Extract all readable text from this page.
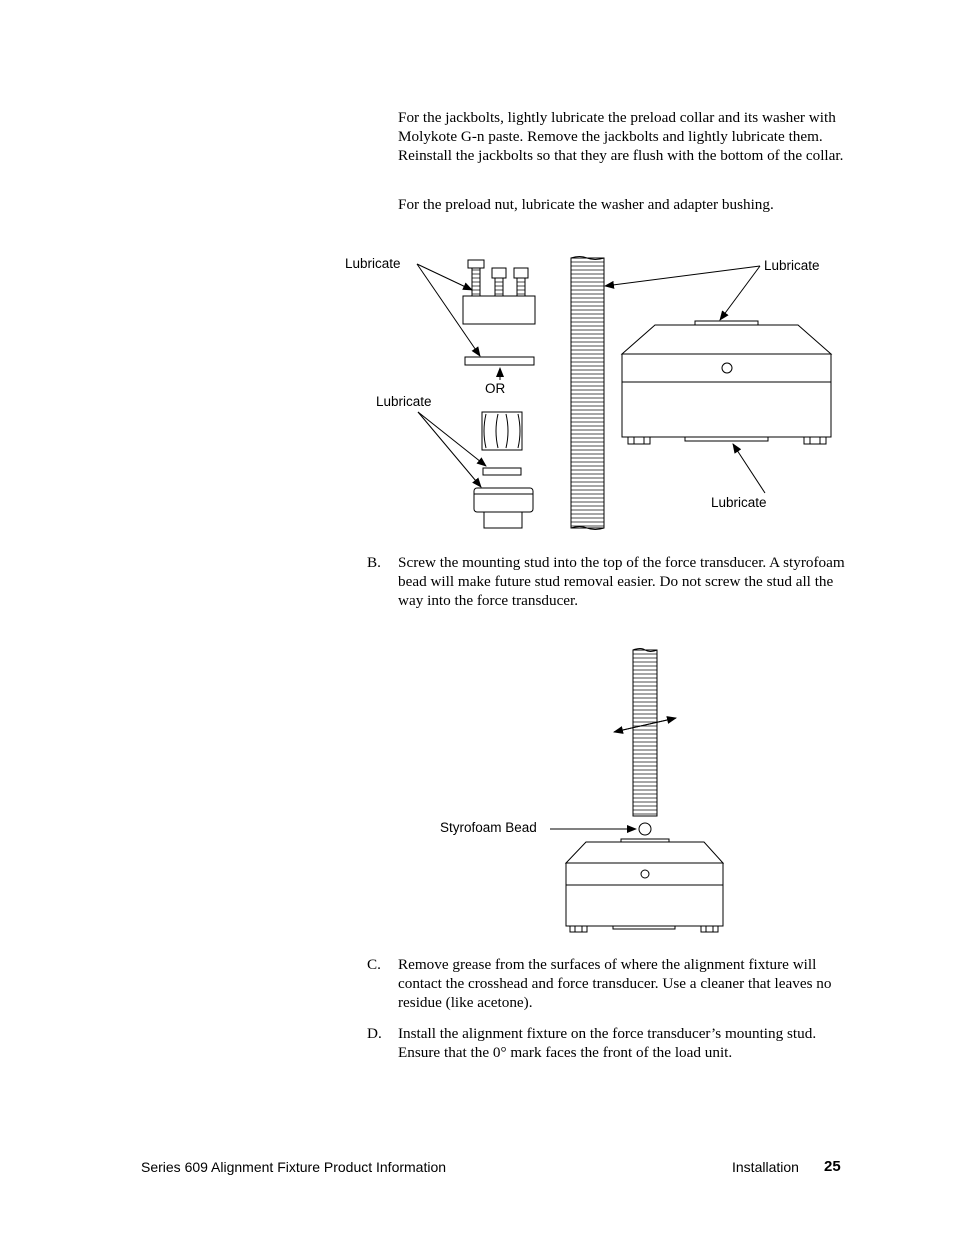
For the jackbolts, lightly lubricate the preload collar and its washer with Molykote G-n paste. Remove the jackbolts and lightly lubricate them. Reinstall the jackbolts so that they are flush with the bottom of the collar.

For the preload nut, lubricate the washer and adapter bushing.

Lubricate
OR
Lubricate
Lubricate
Lubricate
B. Screw the mounting stud into the top of the force transducer. A styrofoam bead will make future stud removal easier. Do not screw the stud all the way into the force transducer.

Styrofoam Bead
C. Remove grease from the surfaces of where the alignment fixture will contact the crosshead and force transducer. Use a cleaner that leaves no residue (like acetone).

D. Install the alignment fixture on the force transducer’s mounting stud. Ensure that the 0° mark faces the front of the load unit.

Series 609 Alignment Fixture Product Information	Installation 25
